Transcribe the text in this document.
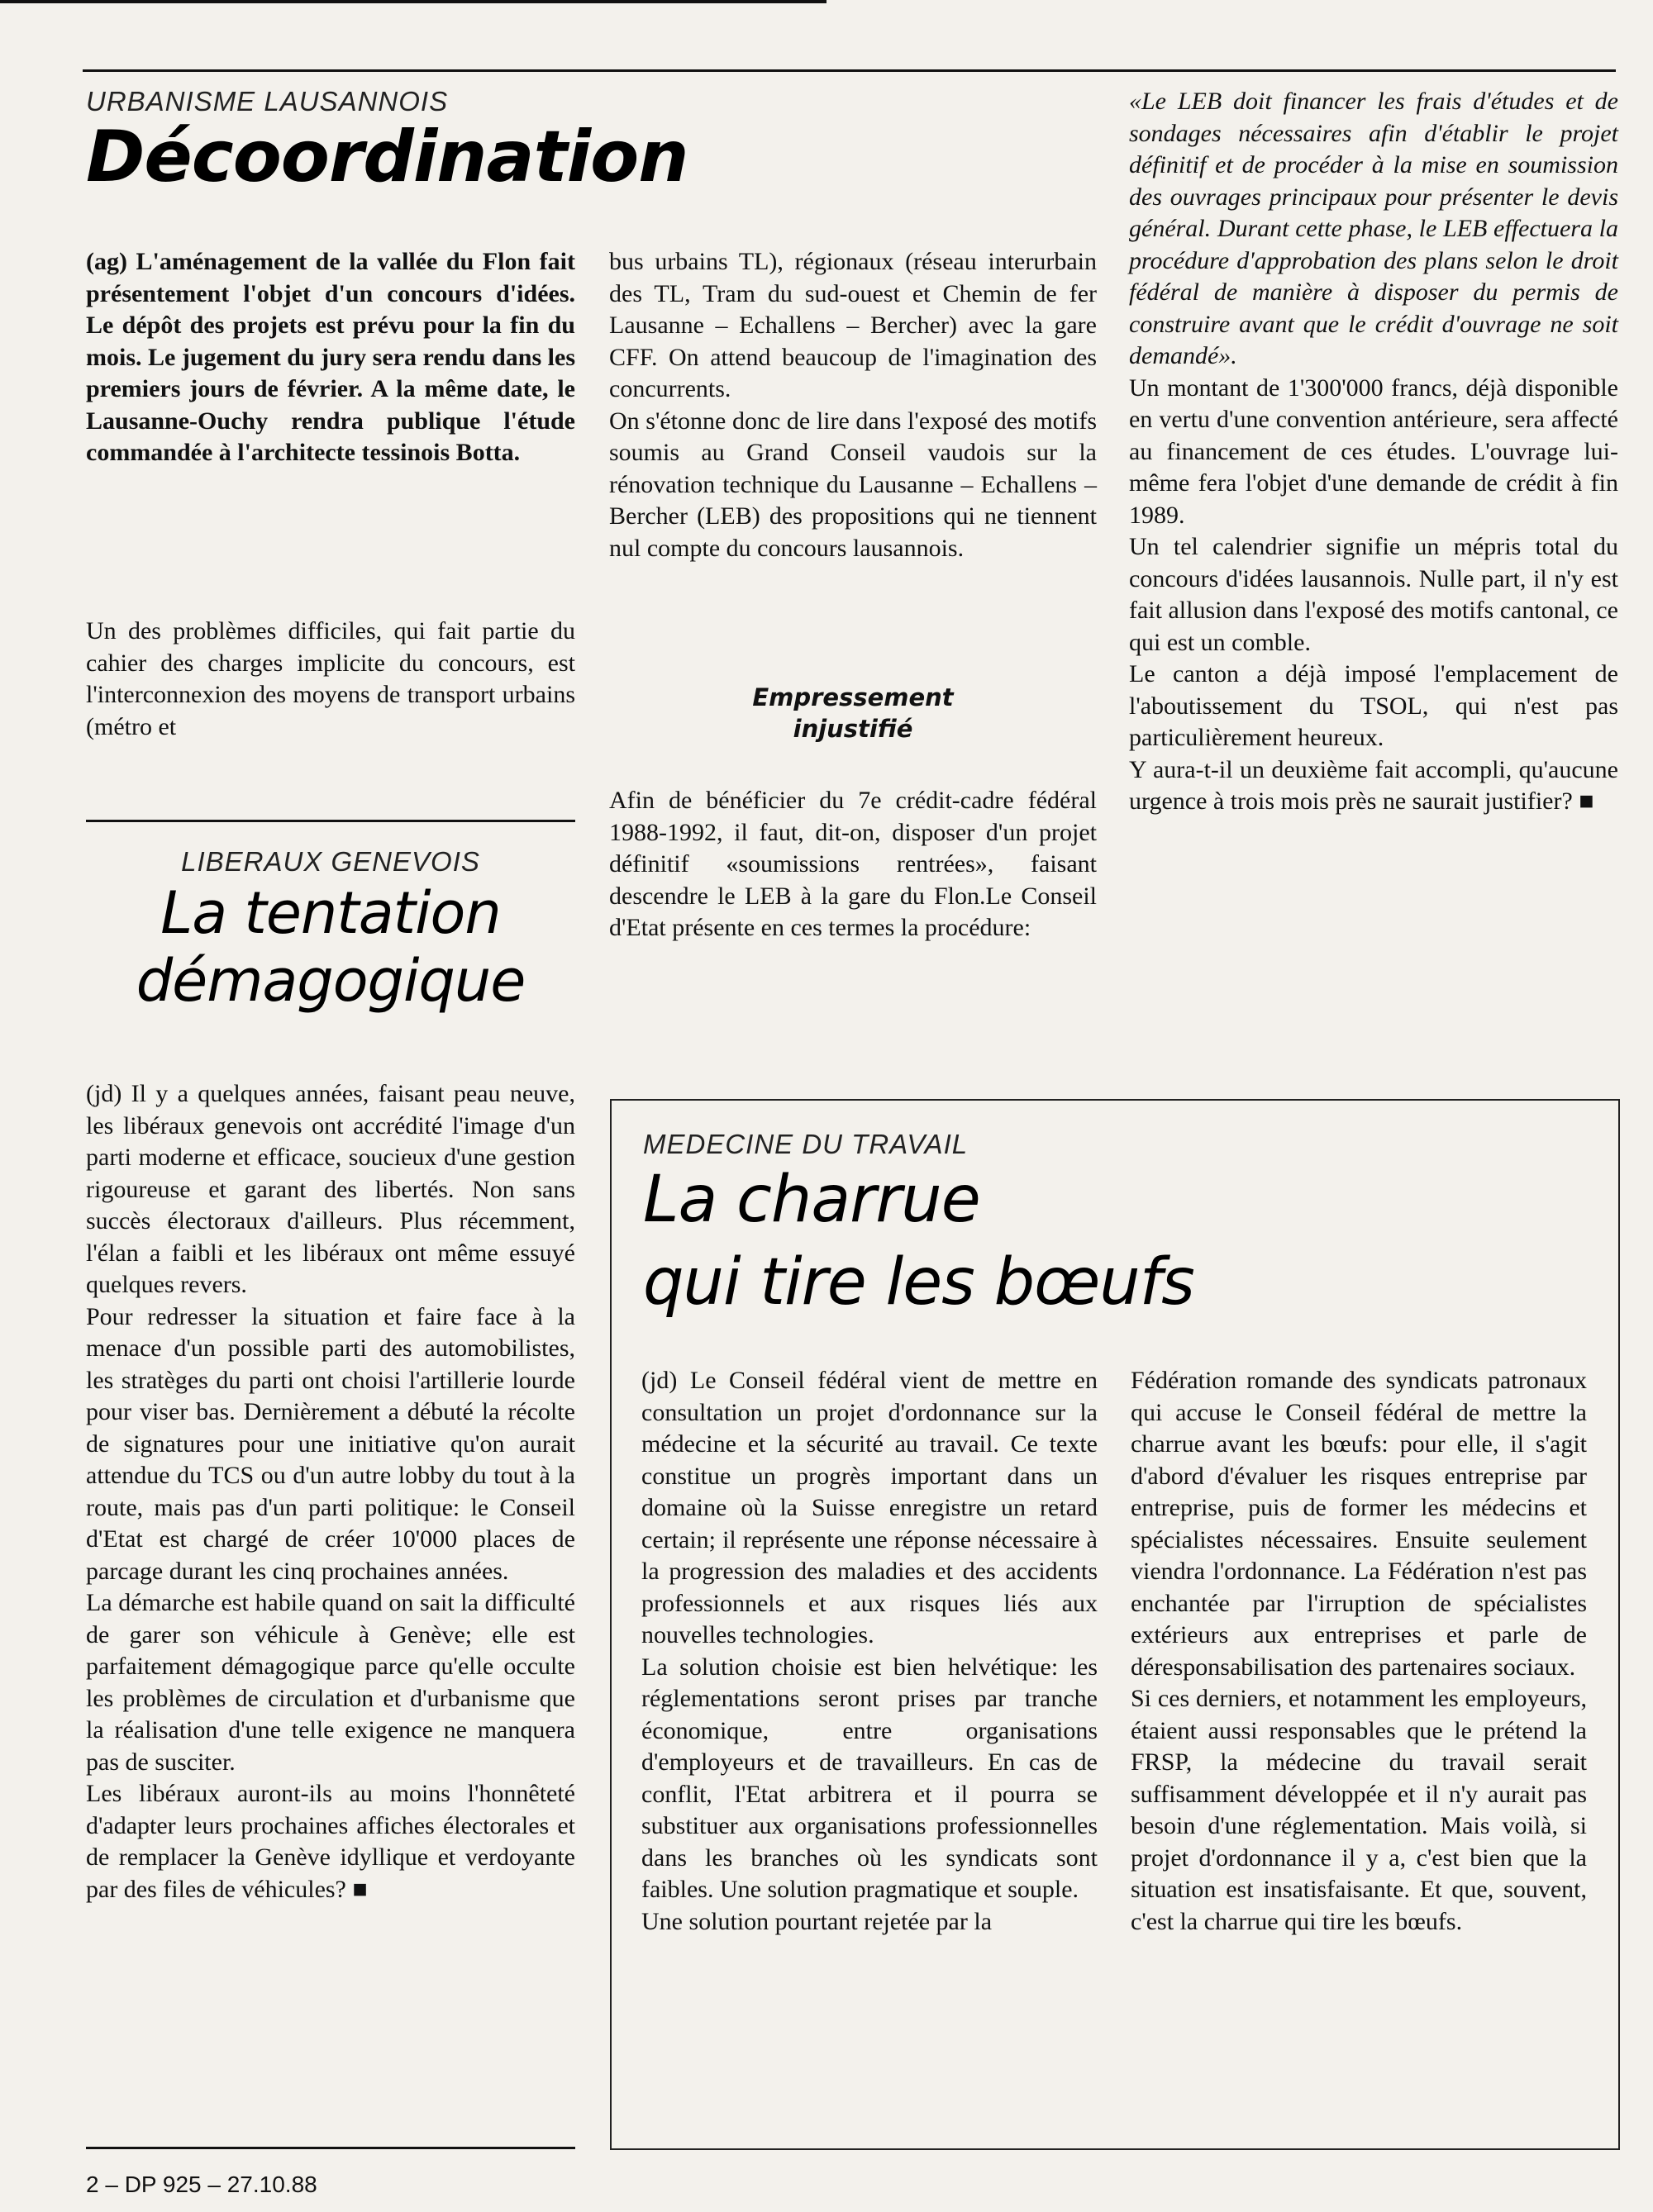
URBANISME LAUSANNOIS
Décoordination

(ag) L'aménagement de la vallée du Flon fait présentement l'objet d'un concours d'idées. Le dépôt des projets est prévu pour la fin du mois. Le jugement du jury sera rendu dans les premiers jours de février. A la même date, le Lausanne-Ouchy rendra publique l'étude commandée à l'architecte tessinois Botta.

Un des problèmes difficiles, qui fait partie du cahier des charges implicite du concours, est l'interconnexion des moyens de transport urbains (métro et

bus urbains TL), régionaux (réseau interurbain des TL, Tram du sud-ouest et Chemin de fer Lausanne – Echallens – Bercher) avec la gare CFF. On attend beaucoup de l'imagination des concurrents.

On s'étonne donc de lire dans l'exposé des motifs soumis au Grand Conseil vaudois sur la rénovation technique du Lausanne – Echallens – Bercher (LEB) des propositions qui ne tiennent nul compte du concours lausannois.

Empressement
injustifié

Afin de bénéficier du 7e crédit-cadre fédéral 1988-1992, il faut, dit-on, disposer d'un projet définitif «soumissions rentrées», faisant descendre le LEB à la gare du Flon.Le Conseil d'Etat présente en ces termes la procédure:

«Le LEB doit financer les frais d'études et de sondages nécessaires afin d'établir le projet définitif et de procéder à la mise en soumission des ouvrages principaux pour présenter le devis général. Durant cette phase, le LEB effectuera la procédure d'approbation des plans selon le droit fédéral de manière à disposer du permis de construire avant que le crédit d'ouvrage ne soit demandé».

Un montant de 1'300'000 francs, déjà disponible en vertu d'une convention antérieure, sera affecté au financement de ces études. L'ouvrage lui-même fera l'objet d'une demande de crédit à fin 1989.

Un tel calendrier signifie un mépris total du concours d'idées lausannois. Nulle part, il n'y est fait allusion dans l'exposé des motifs cantonal, ce qui est un comble.

Le canton a déjà imposé l'emplacement de l'aboutissement du TSOL, qui n'est pas particulièrement heureux.

Y aura-t-il un deuxième fait accompli, qu'aucune urgence à trois mois près ne saurait justifier? ■

LIBERAUX GENEVOIS
La tentation
démagogique

(jd) Il y a quelques années, faisant peau neuve, les libéraux genevois ont accrédité l'image d'un parti moderne et efficace, soucieux d'une gestion rigoureuse et garant des libertés. Non sans succès électoraux d'ailleurs. Plus récemment, l'élan a faibli et les libéraux ont même essuyé quelques revers.

Pour redresser la situation et faire face à la menace d'un possible parti des automobilistes, les stratèges du parti ont choisi l'artillerie lourde pour viser bas. Dernièrement a débuté la récolte de signatures pour une initiative qu'on aurait attendue du TCS ou d'un autre lobby du tout à la route, mais pas d'un parti politique: le Conseil d'Etat est chargé de créer 10'000 places de parcage durant les cinq prochaines années.

La démarche est habile quand on sait la difficulté de garer son véhicule à Genève; elle est parfaitement démagogique parce qu'elle occulte les problèmes de circulation et d'urbanisme que la réalisation d'une telle exigence ne manquera pas de susciter.

Les libéraux auront-ils au moins l'honnêteté d'adapter leurs prochaines affiches électorales et de remplacer la Genève idyllique et verdoyante par des files de véhicules? ■

MEDECINE DU TRAVAIL
La charrue
qui tire les bœufs

(jd) Le Conseil fédéral vient de mettre en consultation un projet d'ordonnance sur la médecine et la sécurité au travail. Ce texte constitue un progrès important dans un domaine où la Suisse enregistre un retard certain; il représente une réponse nécessaire à la progression des maladies et des accidents professionnels et aux risques liés aux nouvelles technologies.

La solution choisie est bien helvétique: les réglementations seront prises par tranche économique, entre organisations d'employeurs et de travailleurs. En cas de conflit, l'Etat arbitrera et il pourra se substituer aux organisations professionnelles dans les branches où les syndicats sont faibles. Une solution pragmatique et souple.

Une solution pourtant rejetée par la

Fédération romande des syndicats patronaux qui accuse le Conseil fédéral de mettre la charrue avant les bœufs: pour elle, il s'agit d'abord d'évaluer les risques entreprise par entreprise, puis de former les médecins et spécialistes nécessaires. Ensuite seulement viendra l'ordonnance. La Fédération n'est pas enchantée par l'irruption de spécialistes extérieurs aux entreprises et parle de déresponsabilisation des partenaires sociaux.

Si ces derniers, et notamment les employeurs, étaient aussi responsables que le prétend la FRSP, la médecine du travail serait suffisamment développée et il n'y aurait pas besoin d'une réglementation. Mais voilà, si projet d'ordonnance il y a, c'est bien que la situation est insatisfaisante. Et que, souvent, c'est la charrue qui tire les bœufs.

2 – DP 925 – 27.10.88
